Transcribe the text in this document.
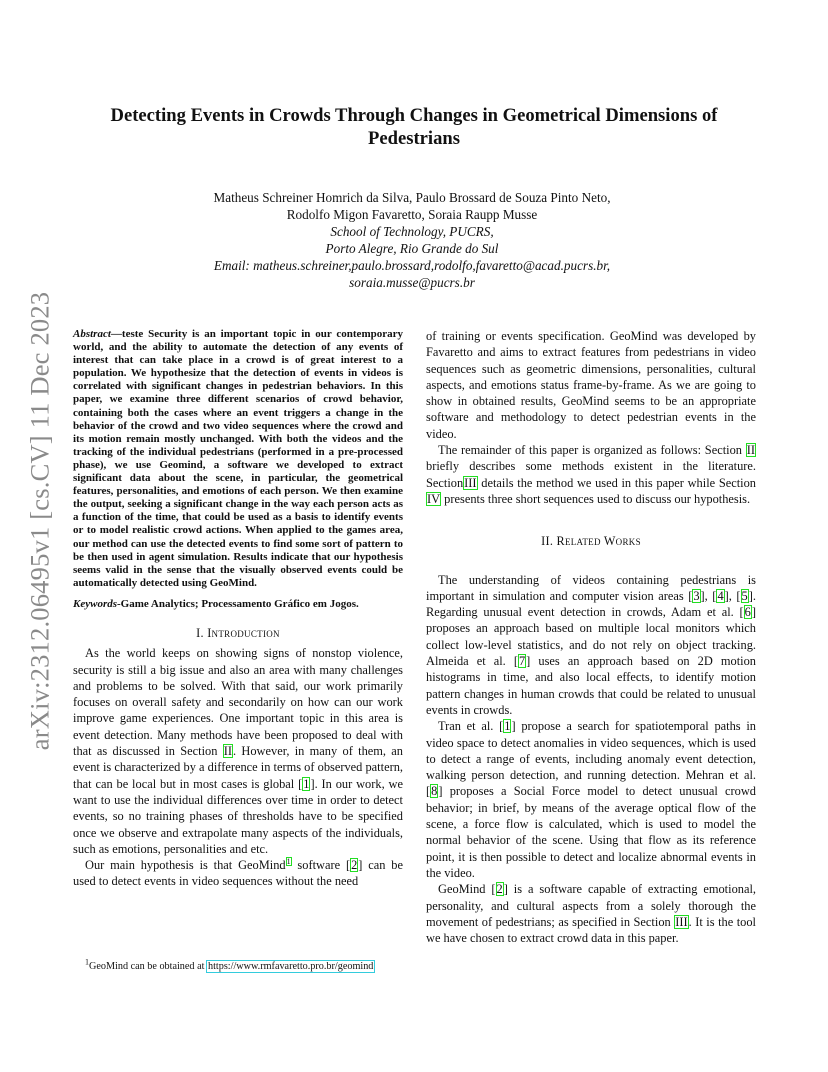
arXiv:2312.06495v1 [cs.CV] 11 Dec 2023
Detecting Events in Crowds Through Changes in Geometrical Dimensions of Pedestrians
Matheus Schreiner Homrich da Silva, Paulo Brossard de Souza Pinto Neto,
Rodolfo Migon Favaretto, Soraia Raupp Musse
School of Technology, PUCRS,
Porto Alegre, Rio Grande do Sul
Email: matheus.schreiner,paulo.brossard,rodolfo,favaretto@acad.pucrs.br,
soraia.musse@pucrs.br
Abstract—teste Security is an important topic in our contemporary world, and the ability to automate the detection of any events of interest that can take place in a crowd is of great interest to a population. We hypothesize that the detection of events in videos is correlated with significant changes in pedestrian behaviors. In this paper, we examine three different scenarios of crowd behavior, containing both the cases where an event triggers a change in the behavior of the crowd and two video sequences where the crowd and its motion remain mostly unchanged. With both the videos and the tracking of the individual pedestrians (performed in a pre-processed phase), we use Geomind, a software we developed to extract significant data about the scene, in particular, the geometrical features, personalities, and emotions of each person. We then examine the output, seeking a significant change in the way each person acts as a function of the time, that could be used as a basis to identify events or to model realistic crowd actions. When applied to the games area, our method can use the detected events to find some sort of pattern to be then used in agent simulation. Results indicate that our hypothesis seems valid in the sense that the visually observed events could be automatically detected using GeoMind.
Keywords-Game Analytics; Processamento Gráfico em Jogos.
I. Introduction

As the world keeps on showing signs of nonstop violence, security is still a big issue and also an area with many challenges and problems to be solved. With that said, our work primarily focuses on overall safety and secondarily on how can our work improve game experiences. One important topic in this area is event detection. Many methods have been proposed to deal with that as discussed in Section II. However, in many of them, an event is characterized by a difference in terms of observed pattern, that can be local but in most cases is global [1]. In our work, we want to use the individual differences over time in order to detect events, so no training phases of thresholds have to be specified once we observe and extrapolate many aspects of the individuals, such as emotions, personalities and etc.

Our main hypothesis is that GeoMind$^1$ software [2] can be used to detect events in video sequences without the need

$^1$GeoMind can be obtained at https://www.rmfavaretto.pro.br/geomind

of training or events specification. GeoMind was developed by Favaretto and aims to extract features from pedestrians in video sequences such as geometric dimensions, personalities, cultural aspects, and emotions status frame-by-frame. As we are going to show in obtained results, GeoMind seems to be an appropriate software and methodology to detect pedestrian events in the video.

The remainder of this paper is organized as follows: Section II briefly describes some methods existent in the literature. SectionIII details the method we used in this paper while Section IV presents three short sequences used to discuss our hypothesis.

II. Related Works

The understanding of videos containing pedestrians is important in simulation and computer vision areas [3], [4], [5]. Regarding unusual event detection in crowds, Adam et al. [6] proposes an approach based on multiple local monitors which collect low-level statistics, and do not rely on object tracking. Almeida et al. [7] uses an approach based on 2D motion histograms in time, and also local effects, to identify motion pattern changes in human crowds that could be related to unusual events in crowds.

Tran et al. [1] propose a search for spatiotemporal paths in video space to detect anomalies in video sequences, which is used to detect a range of events, including anomaly event detection, walking person detection, and running detection. Mehran et al. [8] proposes a Social Force model to detect unusual crowd behavior; in brief, by means of the average optical flow of the scene, a force flow is calculated, which is used to model the normal behavior of the scene. Using that flow as its reference point, it is then possible to detect and localize abnormal events in the video.

GeoMind [2] is a software capable of extracting emotional, personality, and cultural aspects from a solely thorough the movement of pedestrians; as specified in Section III. It is the tool we have chosen to extract crowd data in this paper.
